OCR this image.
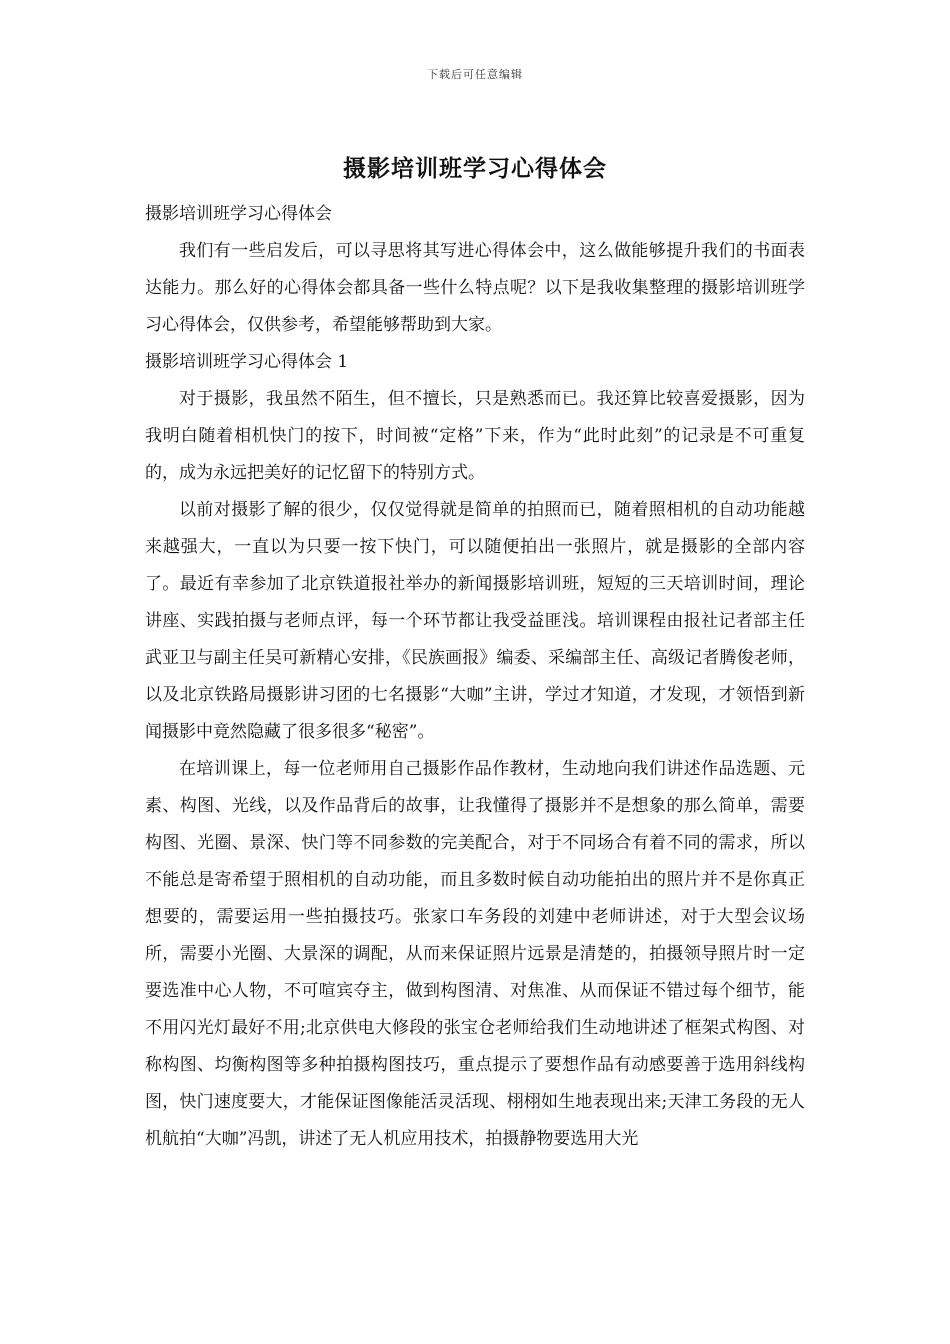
下载后可任意编辑
摄影培训班学习心得体会

摄影培训班学习心得体会

我们有一些启发后，可以寻思将其写进心得体会中，这么做能够提升我们的书面表达能力。那么好的心得体会都具备一些什么特点呢？以下是我收集整理的摄影培训班学习心得体会，仅供参考，希望能够帮助到大家。

摄影培训班学习心得体会 1

对于摄影，我虽然不陌生，但不擅长，只是熟悉而已。我还算比较喜爱摄影，因为我明白随着相机快门的按下，时间被“定格”下来，作为“此时此刻”的记录是不可重复的，成为永远把美好的记忆留下的特别方式。

以前对摄影了解的很少，仅仅觉得就是简单的拍照而已，随着照相机的自动功能越来越强大，一直以为只要一按下快门，可以随便拍出一张照片，就是摄影的全部内容了。最近有幸参加了北京铁道报社举办的新闻摄影培训班，短短的三天培训时间，理论讲座、实践拍摄与老师点评，每一个环节都让我受益匪浅。培训课程由报社记者部主任武亚卫与副主任吴可新精心安排，《民族画报》编委、采编部主任、高级记者腾俊老师，以及北京铁路局摄影讲习团的七名摄影“大咖”主讲，学过才知道，才发现，才领悟到新闻摄影中竟然隐藏了很多很多“秘密”。

在培训课上，每一位老师用自己摄影作品作教材，生动地向我们讲述作品选题、元素、构图、光线，以及作品背后的故事，让我懂得了摄影并不是想象的那么简单，需要构图、光圈、景深、快门等不同参数的完美配合，对于不同场合有着不同的需求，所以不能总是寄希望于照相机的自动功能，而且多数时候自动功能拍出的照片并不是你真正想要的，需要运用一些拍摄技巧。张家口车务段的刘建中老师讲述，对于大型会议场所，需要小光圈、大景深的调配，从而来保证照片远景是清楚的，拍摄领导照片时一定要选准中心人物，不可喧宾夺主，做到构图清、对焦准、从而保证不错过每个细节，能不用闪光灯最好不用;北京供电大修段的张宝仓老师给我们生动地讲述了框架式构图、对称构图、均衡构图等多种拍摄构图技巧，重点提示了要想作品有动感要善于选用斜线构图，快门速度要大，才能保证图像能活灵活现、栩栩如生地表现出来;天津工务段的无人机航拍“大咖”冯凯，讲述了无人机应用技术，拍摄静物要选用大光
